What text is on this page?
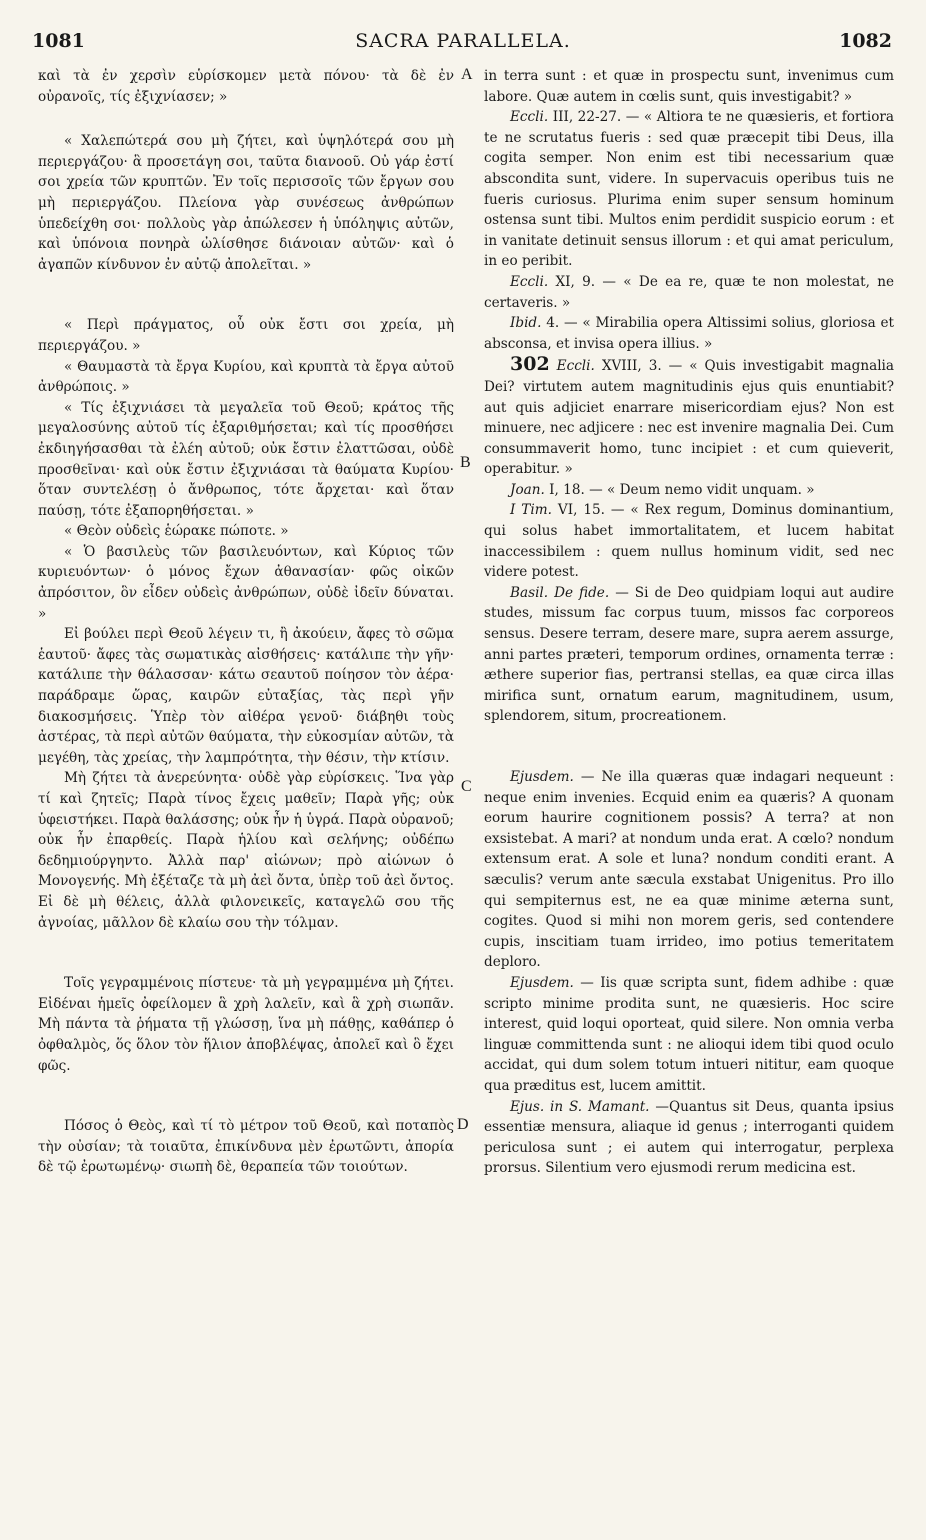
1081	SACRA PARALLELA.	1082
A
B
C
D

καὶ τὰ ἐν χερσὶν εὑρίσκομεν μετὰ πόνου· τὰ δὲ ἐν οὐρανοῖς, τίς ἐξιχνίασεν; »

« Χαλεπώτερά σου μὴ ζήτει, καὶ ὑψηλότερά σου μὴ περιεργάζου· ἃ προσετάγη σοι, ταῦτα διανοοῦ. Οὐ γάρ ἐστί σοι χρεία τῶν κρυπτῶν. Ἐν τοῖς περισσοῖς τῶν ἔργων σου μὴ περιεργάζου. Πλείονα γὰρ συνέσεως ἀνθρώπων ὑπεδείχθη σοι· πολλοὺς γὰρ ἀπώλεσεν ἡ ὑπόληψις αὐτῶν, καὶ ὑπόνοια πονηρὰ ὠλίσθησε διάνοιαν αὐτῶν· καὶ ὁ ἀγαπῶν κίνδυνον ἐν αὐτῷ ἀπολεῖται. »

« Περὶ πράγματος, οὗ οὐκ ἔστι σοι χρεία, μὴ περιεργάζου. »

« Θαυμαστὰ τὰ ἔργα Κυρίου, καὶ κρυπτὰ τὰ ἔργα αὐτοῦ ἀνθρώποις. »

« Τίς ἐξιχνιάσει τὰ μεγαλεῖα τοῦ Θεοῦ; κράτος τῆς μεγαλοσύνης αὐτοῦ τίς ἐξαριθμήσεται; καὶ τίς προσθήσει ἐκδιηγήσασθαι τὰ ἐλέη αὐτοῦ; οὐκ ἔστιν ἐλαττῶσαι, οὐδὲ προσθεῖναι· καὶ οὐκ ἔστιν ἐξιχνιάσαι τὰ θαύματα Κυρίου· ὅταν συντελέσῃ ὁ ἄνθρωπος, τότε ἄρχεται· καὶ ὅταν παύσῃ, τότε ἐξαπορηθήσεται. »

« Θεὸν οὐδεὶς ἑώρακε πώποτε. »

« Ὁ βασιλεὺς τῶν βασιλευόντων, καὶ Κύριος τῶν κυριευόντων· ὁ μόνος ἔχων ἀθανασίαν· φῶς οἰκῶν ἀπρόσιτον, ὃν εἶδεν οὐδεὶς ἀνθρώπων, οὐδὲ ἰδεῖν δύναται. »

Εἰ βούλει περὶ Θεοῦ λέγειν τι, ἢ ἀκούειν, ἄφες τὸ σῶμα ἑαυτοῦ· ἄφες τὰς σωματικὰς αἰσθήσεις· κατάλιπε τὴν γῆν· κατάλιπε τὴν θάλασσαν· κάτω σεαυτοῦ ποίησον τὸν ἀέρα· παράδραμε ὥρας, καιρῶν εὐταξίας, τὰς περὶ γῆν διακοσμήσεις. Ὑπὲρ τὸν αἰθέρα γενοῦ· διάβηθι τοὺς ἀστέρας, τὰ περὶ αὐτῶν θαύματα, τὴν εὐκοσμίαν αὐτῶν, τὰ μεγέθη, τὰς χρείας, τὴν λαμπρότητα, τὴν θέσιν, τὴν κτίσιν.

Μὴ ζήτει τὰ ἀνερεύνητα· οὐδὲ γὰρ εὑρίσκεις. Ἵνα γὰρ τί καὶ ζητεῖς; Παρὰ τίνος ἔχεις μαθεῖν; Παρὰ γῆς; οὐκ ὑφειστήκει. Παρὰ θαλάσσης; οὐκ ἦν ἡ ὑγρά. Παρὰ οὐρανοῦ; οὐκ ἦν ἐπαρθείς. Παρὰ ἡλίου καὶ σελήνης; οὐδέπω δεδημιούργηντο. Ἀλλὰ παρ' αἰώνων; πρὸ αἰώνων ὁ Μονογενής. Μὴ ἐξέταζε τὰ μὴ ἀεὶ ὄντα, ὑπὲρ τοῦ ἀεὶ ὄντος. Εἰ δὲ μὴ θέλεις, ἀλλὰ φιλονεικεῖς, καταγελῶ σου τῆς ἀγνοίας, μᾶλλον δὲ κλαίω σου τὴν τόλμαν.

Τοῖς γεγραμμένοις πίστευε· τὰ μὴ γεγραμμένα μὴ ζήτει. Εἰδέναι ἡμεῖς ὀφείλομεν ἃ χρὴ λαλεῖν, καὶ ἃ χρὴ σιωπᾶν. Μὴ πάντα τὰ ῥήματα τῇ γλώσσῃ, ἵνα μὴ πάθῃς, καθάπερ ὁ ὀφθαλμὸς, ὅς ὅλον τὸν ἥλιον ἀποβλέψας, ἀπολεῖ καὶ ὃ ἔχει φῶς.

Πόσος ὁ Θεὸς, καὶ τί τὸ μέτρον τοῦ Θεοῦ, καὶ ποταπὸς τὴν οὐσίαν; τὰ τοιαῦτα, ἐπικίνδυνα μὲν ἐρωτῶντι, ἀπορία δὲ τῷ ἐρωτωμένῳ· σιωπὴ δὲ, θεραπεία τῶν τοιούτων.

in terra sunt : et quæ in prospectu sunt, invenimus cum labore. Quæ autem in cœlis sunt, quis investigabit? »

Eccli. III, 22-27. — « Altiora te ne quæsieris, et fortiora te ne scrutatus fueris : sed quæ præcepit tibi Deus, illa cogita semper. Non enim est tibi necessarium quæ abscondita sunt, videre. In supervacuis operibus tuis ne fueris curiosus. Plurima enim super sensum hominum ostensa sunt tibi. Multos enim perdidit suspicio eorum : et in vanitate detinuit sensus illorum : et qui amat periculum, in eo peribit.

Eccli. XI, 9. — « De ea re, quæ te non molestat, ne certaveris. »

Ibid. 4. — « Mirabilia opera Altissimi solius, gloriosa et absconsa, et invisa opera illius. »

302 Eccli. XVIII, 3. — « Quis investigabit magnalia Dei? virtutem autem magnitudinis ejus quis enuntiabit? aut quis adjiciet enarrare misericordiam ejus? Non est minuere, nec adjicere : nec est invenire magnalia Dei. Cum consummaverit homo, tunc incipiet : et cum quieverit, operabitur. »

Joan. I, 18. — « Deum nemo vidit unquam. »

I Tim. VI, 15. — « Rex regum, Dominus dominantium, qui solus habet immortalitatem, et lucem habitat inaccessibilem : quem nullus hominum vidit, sed nec videre potest.

Basil. De fide. — Si de Deo quidpiam loqui aut audire studes, missum fac corpus tuum, missos fac corporeos sensus. Desere terram, desere mare, supra aerem assurge, anni partes præteri, temporum ordines, ornamenta terræ : æthere superior fias, pertransi stellas, ea quæ circa illas mirifica sunt, ornatum earum, magnitudinem, usum, splendorem, situm, procreationem.

Ejusdem. — Ne illa quæras quæ indagari nequeunt : neque enim invenies. Ecquid enim ea quæris? A quonam eorum haurire cognitionem possis? A terra? at non exsistebat. A mari? at nondum unda erat. A cœlo? nondum extensum erat. A sole et luna? nondum conditi erant. A sæculis? verum ante sæcula exstabat Unigenitus. Pro illo qui sempiternus est, ne ea quæ minime æterna sunt, cogites. Quod si mihi non morem geris, sed contendere cupis, inscitiam tuam irrideo, imo potius temeritatem deploro.

Ejusdem. — Iis quæ scripta sunt, fidem adhibe : quæ scripto minime prodita sunt, ne quæsieris. Hoc scire interest, quid loqui oporteat, quid silere. Non omnia verba linguæ committenda sunt : ne alioqui idem tibi quod oculo accidat, qui dum solem totum intueri nititur, eam quoque qua præditus est, lucem amittit.

Ejus. in S. Mamant. —Quantus sit Deus, quanta ipsius essentiæ mensura, aliaque id genus ; interroganti quidem periculosa sunt ; ei autem qui interrogatur, perplexa prorsus. Silentium vero ejusmodi rerum medicina est.
